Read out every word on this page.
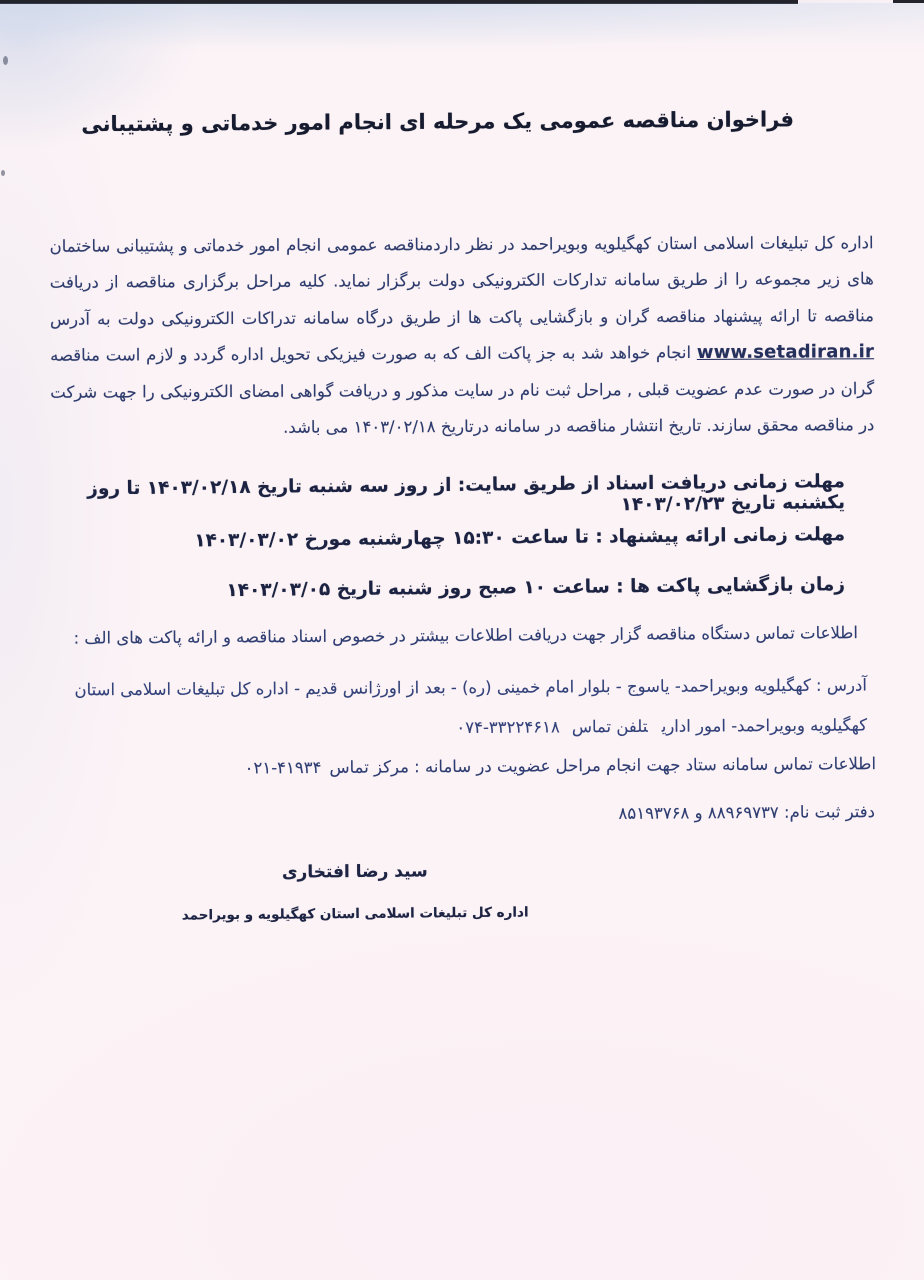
فراخوان مناقصه عمومی یک مرحله ای انجام امور خدماتی و پشتیبانی

اداره کل تبلیغات اسلامی استان کهگیلویه وبویراحمد در نظر داردمناقصه عمومی انجام امور خدماتی و پشتیبانی ساختمان های زیر مجموعه را از طریق سامانه تدارکات الکترونیکی دولت برگزار نماید. کلیه مراحل برگزاری مناقصه از دریافت مناقصه تا ارائه پیشنهاد مناقصه گران و بازگشایی پاکت ها از طریق درگاه سامانه تدراکات الکترونیکی دولت به آدرس www.setadiran.ir انجام خواهد شد به جز پاکت الف که به صورت فیزیکی تحویل اداره گردد و لازم است مناقصه گران در صورت عدم عضویت قبلی , مراحل ثبت نام در سایت مذکور و دریافت گواهی امضای الکترونیکی را جهت شرکت در مناقصه محقق سازند. تاریخ انتشار مناقصه در سامانه درتاریخ ۱۴۰۳/۰۲/۱۸ می باشد.

مهلت زمانی دریافت اسناد از طریق سایت: از روز سه شنبه تاریخ ۱۴۰۳/۰۲/۱۸ تا روز یکشنبه تاریخ ۱۴۰۳/۰۲/۲۳

مهلت زمانی ارائه پیشنهاد : تا ساعت ۱۵:۳۰ چهارشنبه مورخ ۱۴۰۳/۰۳/۰۲

زمان بازگشایی پاکت ها : ساعت ۱۰ صبح روز شنبه تاریخ ۱۴۰۳/۰۳/۰۵

اطلاعات تماس دستگاه مناقصه گزار جهت دریافت اطلاعات بیشتر در خصوص اسناد مناقصه و ارائه پاکت های الف :

آدرس : کهگیلویه وبویراحمد- یاسوج - بلوار امام خمینی (ره) - بعد از اورژانس قدیم - اداره کل تبلیغات اسلامی استان کهگیلویه وبویراحمد- امور اداریتلفن تماس۰۷۴-۳۳۲۲۴۶۱۸

اطلاعات تماس سامانه ستاد جهت انجام مراحل عضویت در سامانه : مرکز تماس۰۲۱-۴۱۹۳۴

دفتر ثبت نام: ۸۸۹۶۹۷۳۷ و ۸۵۱۹۳۷۶۸

سید رضا افتخاری

اداره کل تبلیغات اسلامی استان کهگیلویه و بویراحمد
